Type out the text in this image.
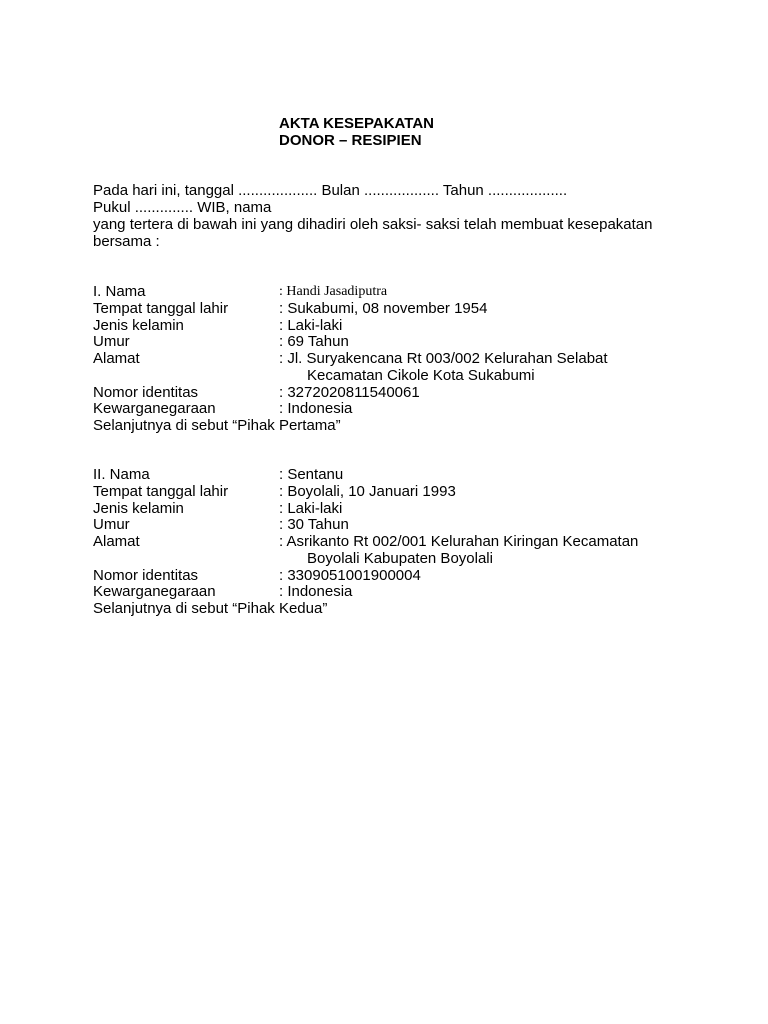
AKTA KESEPAKATAN
DONOR – RESIPIEN
Pada hari ini, tanggal ................... Bulan .................. Tahun ...................
Pukul .............. WIB, nama
yang tertera di bawah ini yang dihadiri oleh saksi- saksi telah membuat kesepakatan
bersama :
I. Nama	: Handi Jasadiputra
Tempat tanggal lahir	: Sukabumi, 08 november 1954
Jenis kelamin	: Laki-laki
Umur	: 69 Tahun
Alamat	: Jl. Suryakencana Rt 003/002 Kelurahan Selabat
Kecamatan Cikole Kota Sukabumi
Nomor identitas	: 3272020811540061
Kewarganegaraan	: Indonesia
Selanjutnya di sebut “Pihak Pertama”
II. Nama	: Sentanu
Tempat tanggal lahir	: Boyolali, 10 Januari 1993
Jenis kelamin	: Laki-laki
Umur	: 30 Tahun
Alamat	: Asrikanto Rt 002/001 Kelurahan Kiringan Kecamatan
Boyolali Kabupaten Boyolali
Nomor identitas	: 3309051001900004
Kewarganegaraan	: Indonesia
Selanjutnya di sebut “Pihak Kedua”
